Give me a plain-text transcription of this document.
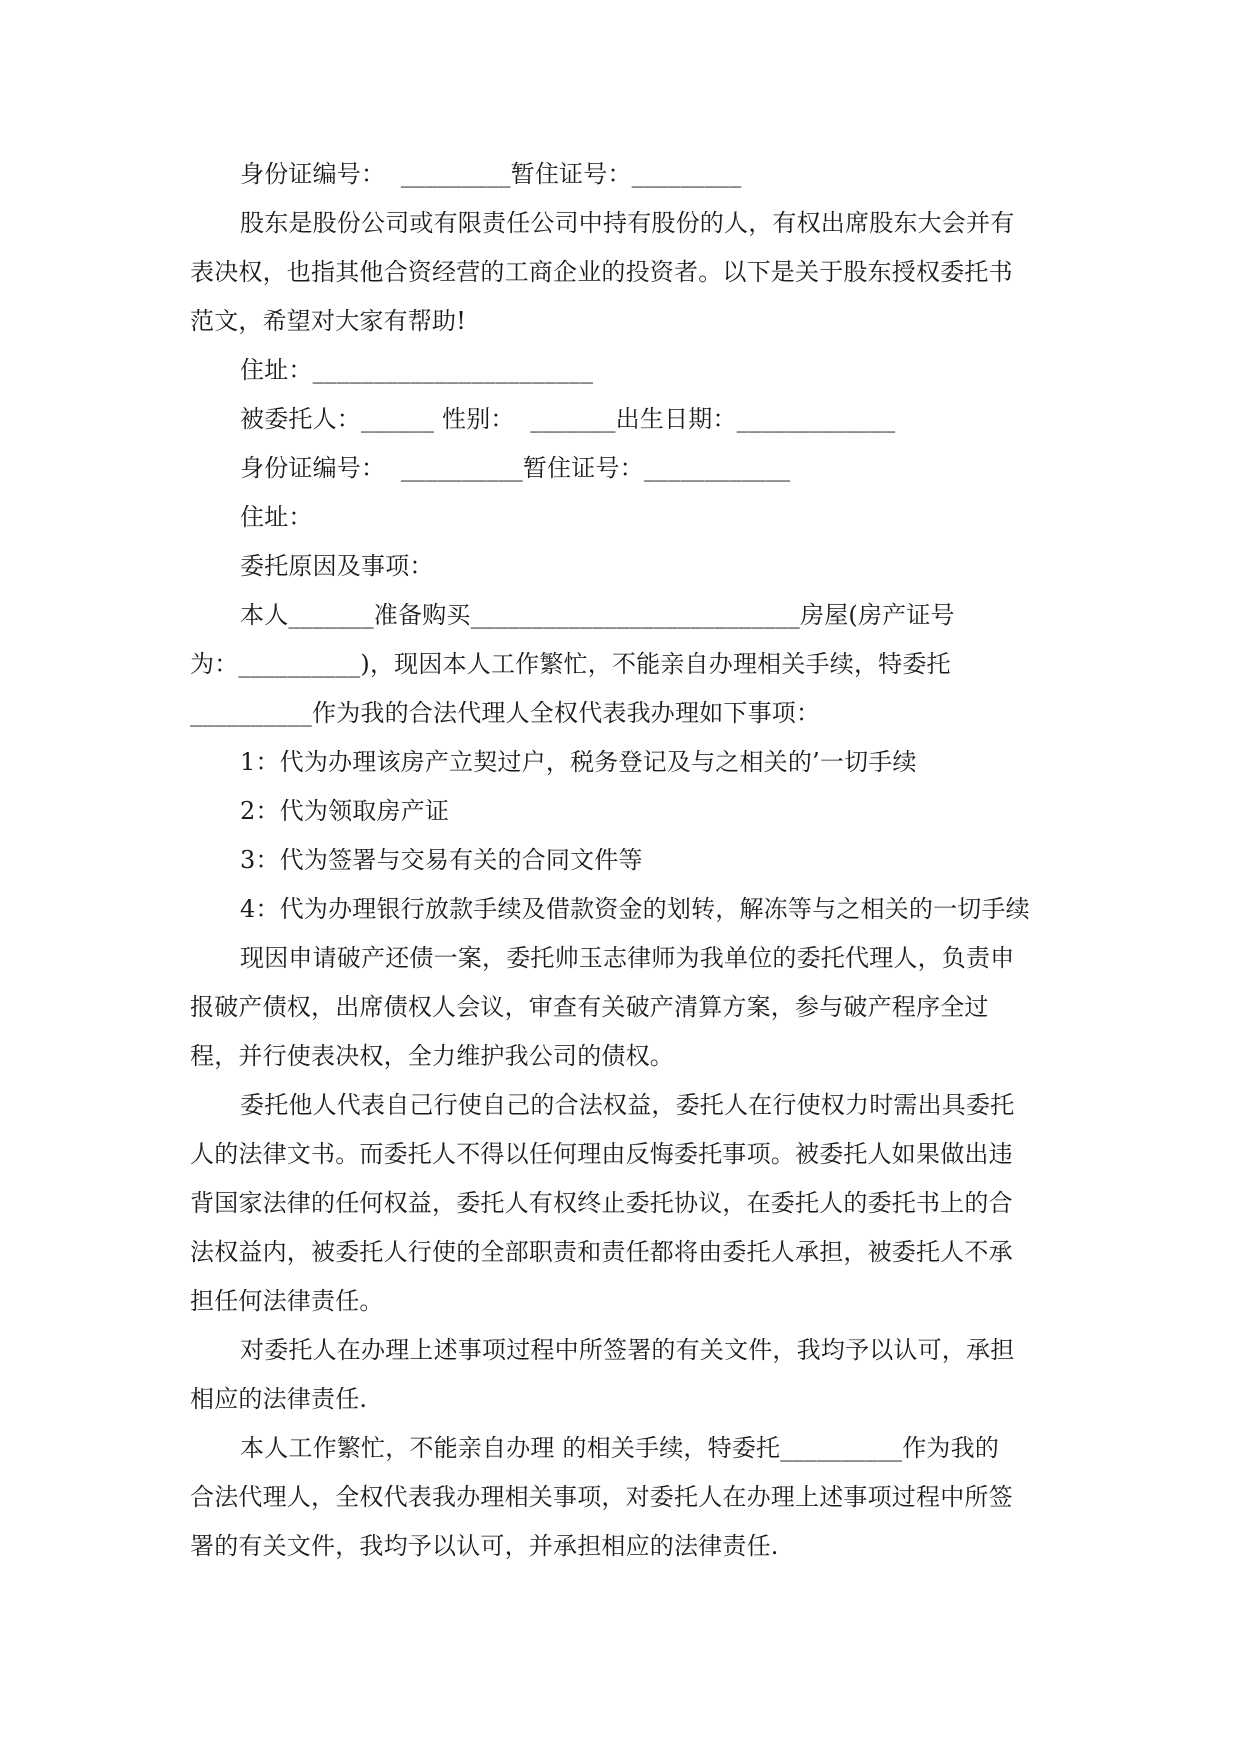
身份证编号：  _________暂住证号：_________
股东是股份公司或有限责任公司中持有股份的人，有权出席股东大会并有
表决权，也指其他合资经营的工商企业的投资者。以下是关于股东授权委托书
范文，希望对大家有帮助!
住址：_______________________
被委托人：______ 性别：  _______出生日期：_____________
身份证编号：  __________暂住证号：____________
住址：
委托原因及事项：
本人_______准备购买___________________________房屋(房产证号
为：__________)，现因本人工作繁忙，不能亲自办理相关手续，特委托
__________作为我的合法代理人全权代表我办理如下事项：
1：代为办理该房产立契过户，税务登记及与之相关的’一切手续
2：代为领取房产证
3：代为签署与交易有关的合同文件等
4：代为办理银行放款手续及借款资金的划转，解冻等与之相关的一切手续
现因申请破产还债一案，委托帅玉志律师为我单位的委托代理人，负责申
报破产债权，出席债权人会议，审查有关破产清算方案，参与破产程序全过
程，并行使表决权，全力维护我公司的债权。
委托他人代表自己行使自己的合法权益，委托人在行使权力时需出具委托
人的法律文书。而委托人不得以任何理由反悔委托事项。被委托人如果做出违
背国家法律的任何权益，委托人有权终止委托协议，在委托人的委托书上的合
法权益内，被委托人行使的全部职责和责任都将由委托人承担，被委托人不承
担任何法律责任。
对委托人在办理上述事项过程中所签署的有关文件，我均予以认可，承担
相应的法律责任.
本人工作繁忙，不能亲自办理 的相关手续，特委托__________作为我的
合法代理人，全权代表我办理相关事项，对委托人在办理上述事项过程中所签
署的有关文件，我均予以认可，并承担相应的法律责任.
